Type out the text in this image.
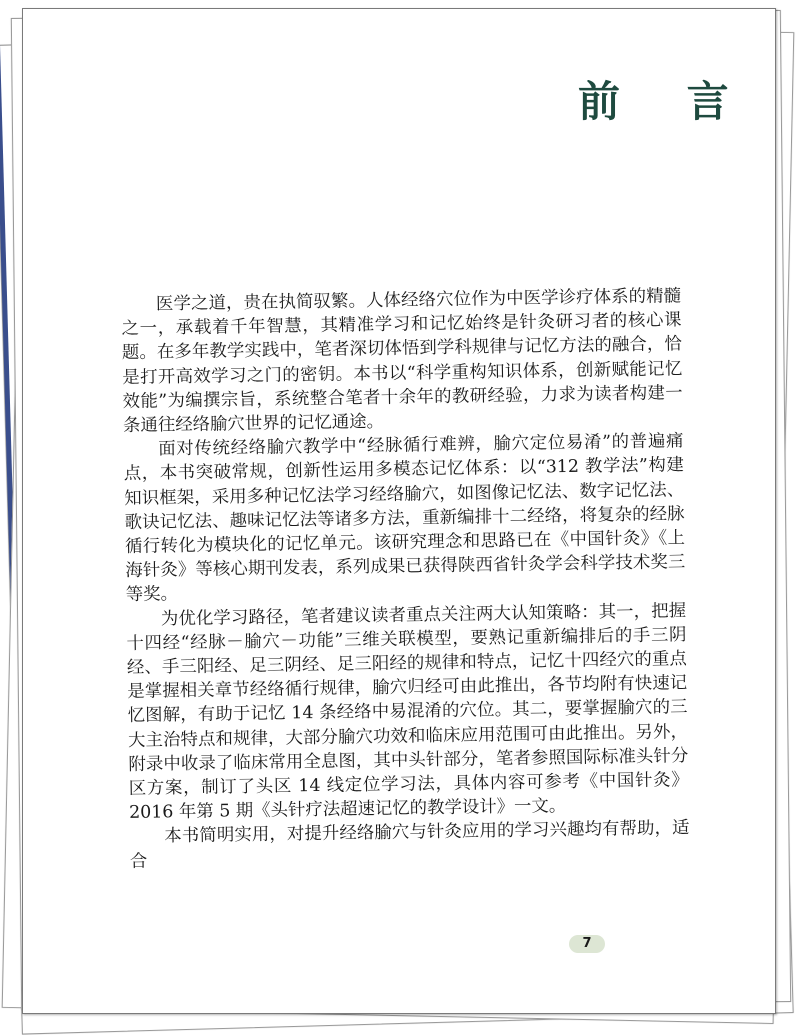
前 言

医学之道，贵在执简驭繁。人体经络穴位作为中医学诊疗体系的精髓之一，承载着千年智慧，其精准学习和记忆始终是针灸研习者的核心课题。在多年教学实践中，笔者深切体悟到学科规律与记忆方法的融合，恰是打开高效学习之门的密钥。本书以“科学重构知识体系，创新赋能记忆效能”为编撰宗旨，系统整合笔者十余年的教研经验，力求为读者构建一条通往经络腧穴世界的记忆通途。

面对传统经络腧穴教学中“经脉循行难辨，腧穴定位易淆”的普遍痛点，本书突破常规，创新性运用多模态记忆体系：以“312 教学法”构建知识框架，采用多种记忆法学习经络腧穴，如图像记忆法、数字记忆法、歌诀记忆法、趣味记忆法等诸多方法，重新编排十二经络，将复杂的经脉循行转化为模块化的记忆单元。该研究理念和思路已在《中国针灸》《上海针灸》等核心期刊发表，系列成果已获得陕西省针灸学会科学技术奖三等奖。

为优化学习路径，笔者建议读者重点关注两大认知策略：其一，把握十四经“经脉－腧穴－功能”三维关联模型，要熟记重新编排后的手三阴经、手三阳经、足三阴经、足三阳经的规律和特点，记忆十四经穴的重点是掌握相关章节经络循行规律，腧穴归经可由此推出，各节均附有快速记忆图解，有助于记忆 14 条经络中易混淆的穴位。其二，要掌握腧穴的三大主治特点和规律，大部分腧穴功效和临床应用范围可由此推出。另外，附录中收录了临床常用全息图，其中头针部分，笔者参照国际标准头针分区方案，制订了头区 14 线定位学习法，具体内容可参考《中国针灸》2016 年第 5 期《头针疗法超速记忆的教学设计》一文。

本书简明实用，对提升经络腧穴与针灸应用的学习兴趣均有帮助，适合

7
